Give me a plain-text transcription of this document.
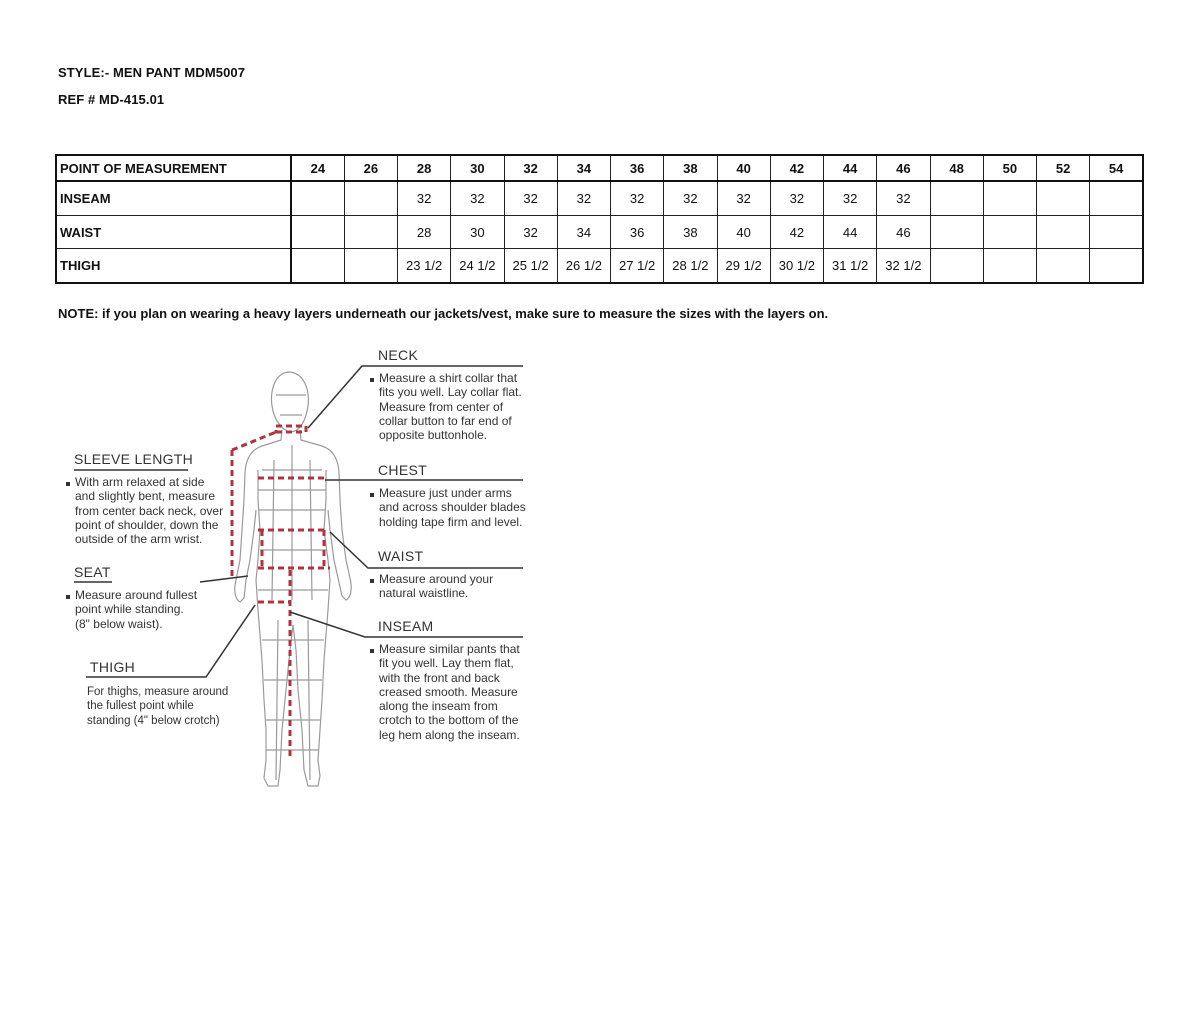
STYLE:- MEN PANT MDM5007
REF # MD-415.01
POINT OF MEASUREMENT	24	26	28	30	32	34	36	38	40	42	44	46	48	50	52	54
INSEAM			32	32	32	32	32	32	32	32	32	32				
WAIST			28	30	32	34	36	38	40	42	44	46				
THIGH			23 1/2	24 1/2	25 1/2	26 1/2	27 1/2	28 1/2	29 1/2	30 1/2	31 1/2	32 1/2				
NOTE: if you plan on wearing a heavy layers underneath our jackets/vest, make sure to measure the sizes with the layers on.
NECK
Measure a shirt collar that
fits you well. Lay collar flat.
Measure from center of
collar button to far end of
opposite buttonhole.
SLEEVE LENGTH
With arm relaxed at side
and slightly bent, measure
from center back neck, over
point of shoulder, down the
outside of the arm wrist.
CHEST
Measure just under arms
and across shoulder blades
holding tape firm and level.
WAIST
Measure around your
natural waistline.
SEAT
Measure around fullest
point while standing.
(8" below waist).	INSEAM
Measure similar pants that
fit you well. Lay them flat,
with the front and back
creased smooth. Measure
along the inseam from
crotch to the bottom of the
leg hem along the inseam.
THIGH
For thighs, measure around
the fullest point while
standing (4" below crotch)
